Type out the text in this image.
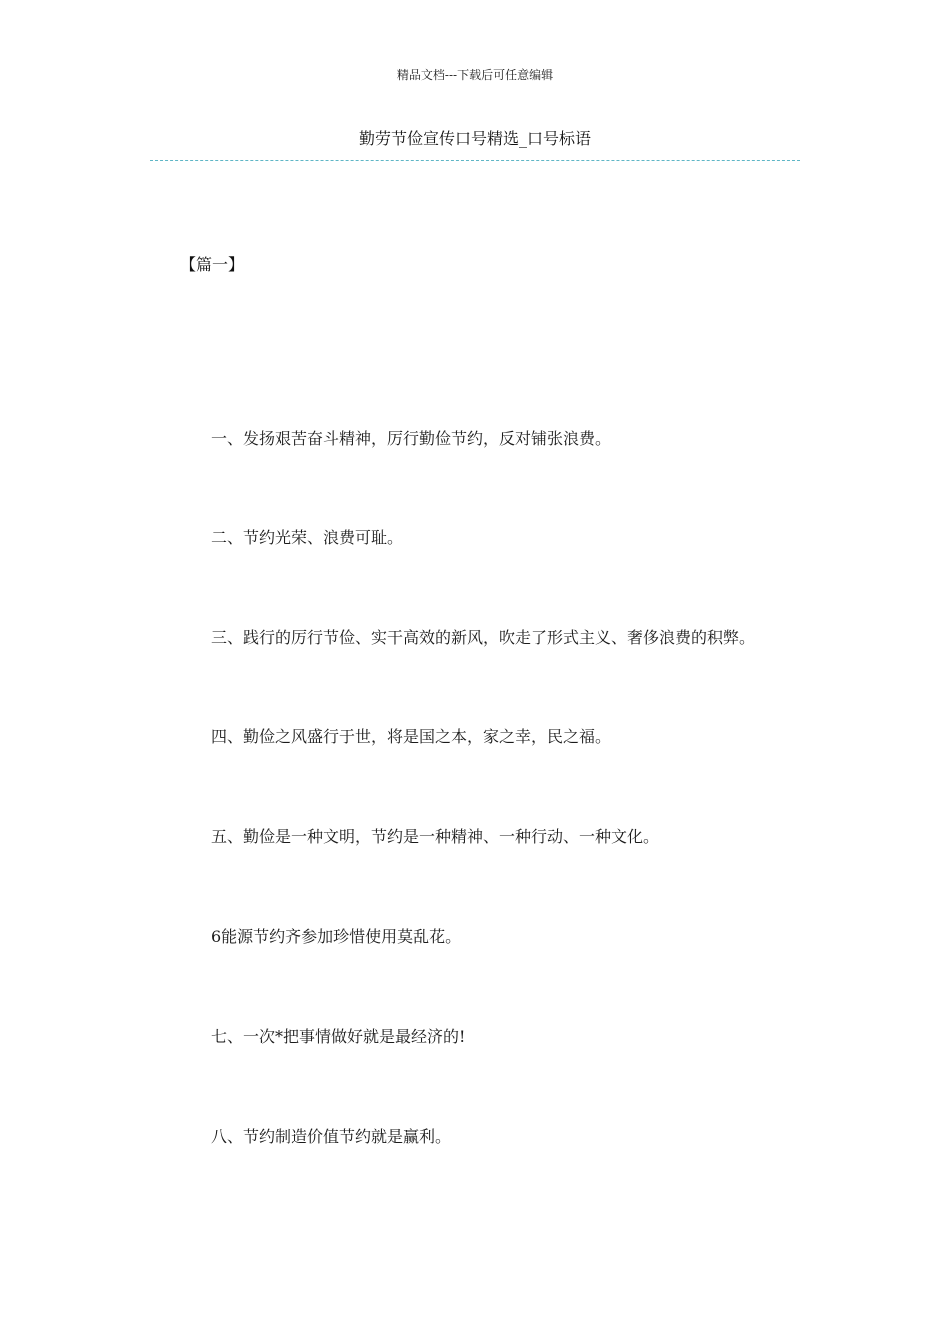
精品文档---下载后可任意编辑
勤劳节俭宣传口号精选_口号标语
【篇一】
一、发扬艰苦奋斗精神，厉行勤俭节约，反对铺张浪费。
二、节约光荣、浪费可耻。
三、践行的厉行节俭、实干高效的新风，吹走了形式主义、奢侈浪费的积弊。
四、勤俭之风盛行于世，将是国之本，家之幸，民之福。
五、勤俭是一种文明，节约是一种精神、一种行动、一种文化。
6能源节约齐参加珍惜使用莫乱花。
七、一次*把事情做好就是最经济的!
八、节约制造价值节约就是赢利。
